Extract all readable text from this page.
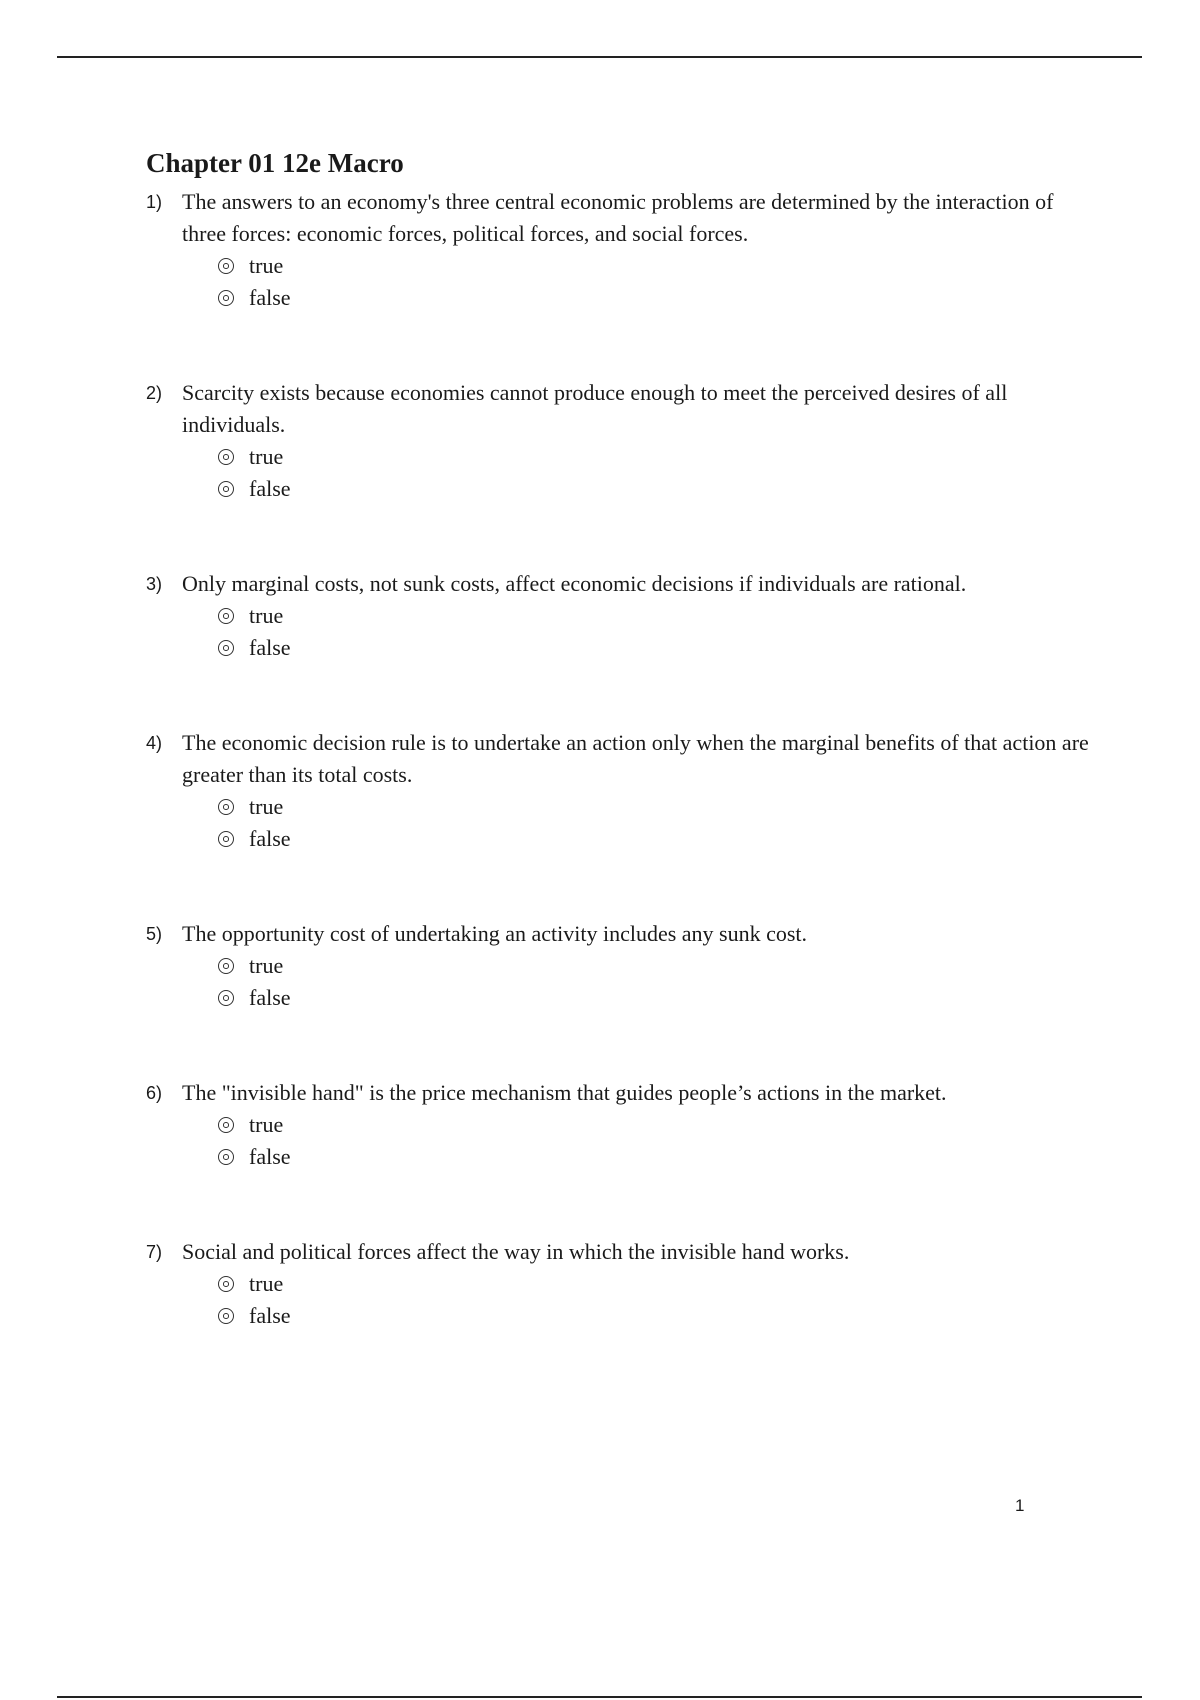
Chapter 01 12e Macro
1) The answers to an economy's three central economic problems are determined by the interaction of three forces: economic forces, political forces, and social forces.
true
false
2) Scarcity exists because economies cannot produce enough to meet the perceived desires of all individuals.
true
false
3) Only marginal costs, not sunk costs, affect economic decisions if individuals are rational.
true
false
4) The economic decision rule is to undertake an action only when the marginal benefits of that action are greater than its total costs.
true
false
5) The opportunity cost of undertaking an activity includes any sunk cost.
true
false
6) The "invisible hand" is the price mechanism that guides people’s actions in the market.
true
false
7) Social and political forces affect the way in which the invisible hand works.
true
false
1
